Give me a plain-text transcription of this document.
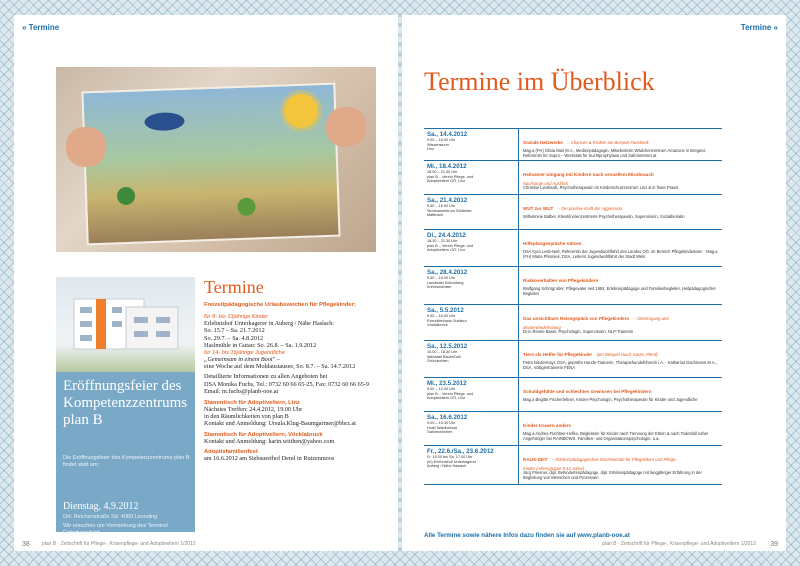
» Termine
Eröffnungsfeier des Kompetenzzentrums plan B
Die Eröffnungsfeier des Kompetenzzentrums plan B findet statt am:
Dienstag, 4.9.2012
Ort: Reichenstraße Sd. 4060 Leonding
Wir ersuchen um Vormerkung des Termins! Einladung folgt.
Termine
Freizeitpädagogische Urlaubswochen für Pflegekinder:
für 8- bis 13jährige Kinder
Erlebnishof Unterkagerer in Auberg / Nähe Haslach:
So. 15.7 – Sa. 21.7.2012
So. 29.7. – Sa. 4.8.2012
Haslmühle in Gutau: So. 26.8. – Sa. 1.9.2012
für 14- bis 16jährige Jugendliche
„Gemeinsam in einem Boot" –
eine Woche auf dem Moldaustausee, So. 8.7. – Sa. 14.7.2012
Detaillierte Informationen zu allen Angeboten bei
DSA Monika Fuchs, Tel.: 0732 60 66 65-25, Fax: 0732 60 66 65-9
Email: m.fuchs@planb-ooe.at
Stammtisch für Adoptiveltern, Linz
Nächstes Treffen: 24.4.2012, 19.00 Uhr
in den Räumlichkeiten von plan B
Kontakt und Anmeldung: Ursula.Klug-Baumgartner@bbrz.at
Stammtisch für Adoptiveltern, Vöcklabruck
Kontakt und Anmeldung: karin.witthen@yahoo.com
Adoptivfamilienfest
am 16.6.2012 am Siebauerthof Deml in Rutzenmoos
38 plan B · Zeitschrift für Pflege-, Krisenpflege- und Adoptiveltern 1/2012
Termine «
Termine im Überblick
Sa., 14.4.2012
9.00 – 16.00 Uhr
Wissensturm
Linz
Soziale Netzwerke – Chancen & Risiken am Beispiel Facebook
Mag.a (FH) Olivia Mair M.A., Medienpädagogin, Mitarbeiterin Wädchenzentrum Amazone in Bregenz, Referentin für Supro – Werkstatt für Suchtprophylaxe und Saferinternet.at
Mi., 18.4.2012
18.00 – 21.30 Uhr
plan B – Verein Pflege- und
Adoptiveltern OÖ, Linz
Heilsamer Umgang mit Kindern nach sexuellem Missbrauch
Nachsorge und Ausblick
Christine Lienhardt, Psychotherapeutin im Kinderschutzzentrum Linz & in freier Praxis
Sa., 21.4.2012
9.00 – 16.00 Uhr
Seminarzentrum Schlieder
Mattinsch
WUT zur WUT – Die positive Kraft der Aggression
Wilhelmine Balber, Klient/inn/enzentrierte Psychotherapeutin, Supervisorin, Sozialbeiratin
Di., 24.4.2012
18.30 – 21.30 Uhr
plan B – Verein Pflege- und
Adoptiveltern OÖ, Linz
Hilfeplangespräche nützen
DSA Kyra Lesb-Nett, Referentin der Jugendwohlfahrt des Landes OÖ. im Bereich Pflegekindwesen · Mag.a (FH) Maria Pfenniek, DSA, Leiterin Jugendwohlfahrt der Stadt Wels
Sa., 28.4.2012
9.00 – 16.00 Uhr
Landhotel Schickberg
Kremsmünster
Risikoverhalten von Pflegekindern
Wolfgang Schörgruber, Pflegevater seit 1992, Erlebnispädagoge und Familienbegleiter, Heilpädagogischer Begleiter
Sa., 5.5.2012
9.00 – 16.00 Uhr
Exerzitienhaus Subiaco
Vöcklabruck
Das unsichtbare Reisegepäck von Pflegekindern – Übertragung und
Musterwiederholung
Dr.in Renée Baser, Psychologin, Supervisorin, NLP-Trainerin
Sa., 12.5.2012
15.00 – 18.30 Uhr
Aktivstall Bauer/Dali
Grünnschlen
Tiere als Helfer für Pflegekinder (am Beispiel Hund, Katze, Pferd)
Petra Niedermayr, DSA, geprüfte Hunde-Trainerin, Therapiehundeführerin i.A. · Katharina Dachmann M.A., DSA, Voltigiertrainerin FENA
Mi., 23.5.2012
9.00 – 12.00 Uhr
plan B – Verein Pflege- und
Adoptiveltern OÖ, Linz
Schuldgefühle und schlechtes Gewissen bei Pflegekindern
Mag.a Brigitte Fischerlehner, Kinder-Psychologin, Psychotherapeutin für Kinder und Jugendliche
Sa., 16.6.2012
9.00 – 15.30 Uhr
Hotel Waldheimat
Gallneukirchen
Kinder trauern anders
Mag.a Andrea Füchtner-Hofko, Begleiterin für Kinder nach Trennung der Eltern & nach Todesfall naher Angehöriger bei RAINBOWS, Familien- und Organisationspsychologin, u.a.
Fr., 22.6./Sa., 23.6.2012
Fr. 16.00 bis Sa. 17.00 Uhr
(m) Erlebnishof Unterkagerer
Auberg / Nähe Haslach
RAUS-ZEIT – Erlebnispädagogisches Wochenende für Pflegeeltern und Pflege-
Kinder (Altersgruppe 9-12 Jahre)
Jürg Priesner, dipl. Behindertenpädagoge, dipl. Erlebnispädagoge mit langjähriger Erfahrung in der Begleitung von Menschen und Prozessen
Alle Termine sowie nähere Infos dazu finden sie auf www.planb-ooe.at
plan B · Zeitschrift für Pflege-, Krisenpflege- und Adoptiveltern 1/2012 39
